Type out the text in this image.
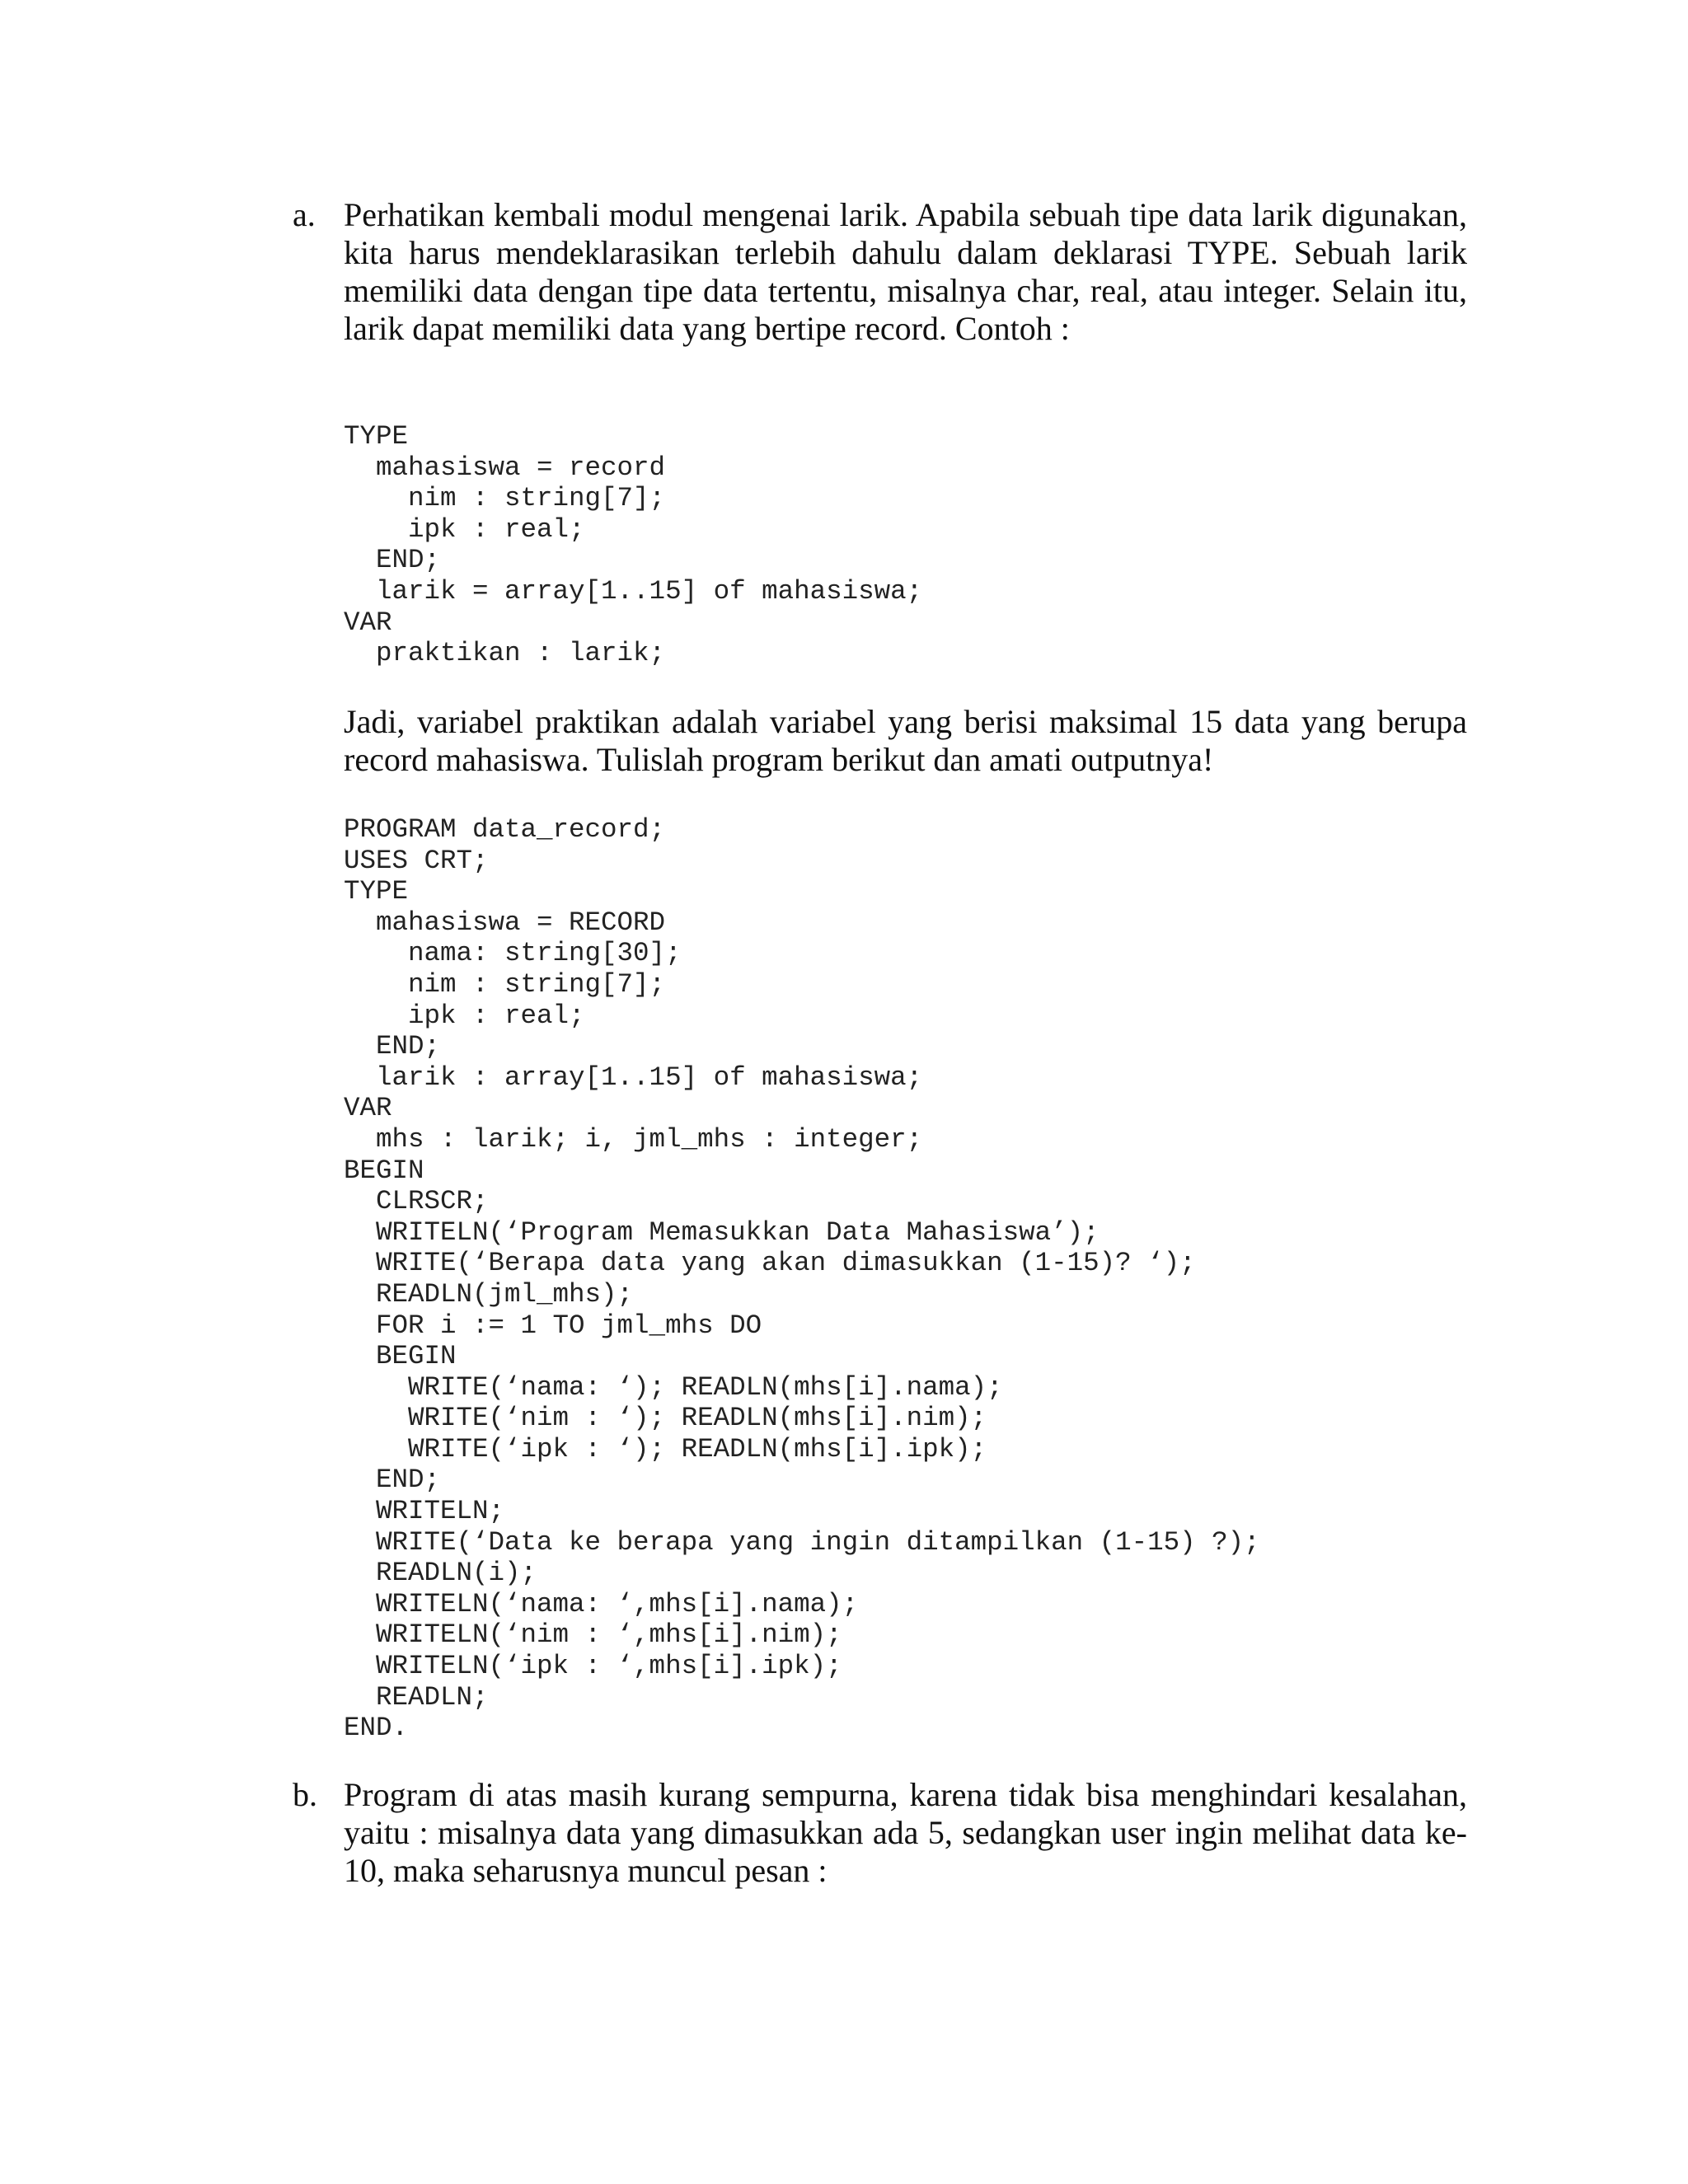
a. Perhatikan kembali modul mengenai larik. Apabila sebuah tipe data larik digunakan,
kita harus mendeklarasikan terlebih dahulu dalam deklarasi TYPE. Sebuah larik
memiliki data dengan tipe data tertentu, misalnya char, real, atau integer. Selain itu,
larik dapat memiliki data yang bertipe record. Contoh :
TYPE
mahasiswa = record
nim : string[7];
ipk : real;
END;
larik = array[1..15] of mahasiswa;
VAR
praktikan : larik;
Jadi, variabel praktikan adalah variabel yang berisi maksimal 15 data yang berupa
record mahasiswa. Tulislah program berikut dan amati outputnya!
PROGRAM data_record;
USES CRT;
TYPE
mahasiswa = RECORD
nama: string[30];
nim : string[7];
ipk : real;
END;
larik : array[1..15] of mahasiswa;
VAR
mhs : larik; i, jml_mhs : integer;
BEGIN
CLRSCR;
WRITELN(‘Program Memasukkan Data Mahasiswa’);
WRITE(‘Berapa data yang akan dimasukkan (1-15)? ‘);
READLN(jml_mhs);
FOR i := 1 TO jml_mhs DO
BEGIN
WRITE(‘nama: ‘); READLN(mhs[i].nama);
WRITE(‘nim : ‘); READLN(mhs[i].nim);
WRITE(‘ipk : ‘); READLN(mhs[i].ipk);
END;
WRITELN;
WRITE(‘Data ke berapa yang ingin ditampilkan (1-15) ?);
READLN(i);
WRITELN(‘nama: ‘,mhs[i].nama);
WRITELN(‘nim : ‘,mhs[i].nim);
WRITELN(‘ipk : ‘,mhs[i].ipk);
READLN;
END.
b. Program di atas masih kurang sempurna, karena tidak bisa menghindari kesalahan,
yaitu : misalnya data yang dimasukkan ada 5, sedangkan user ingin melihat data ke-
10, maka seharusnya muncul pesan :
